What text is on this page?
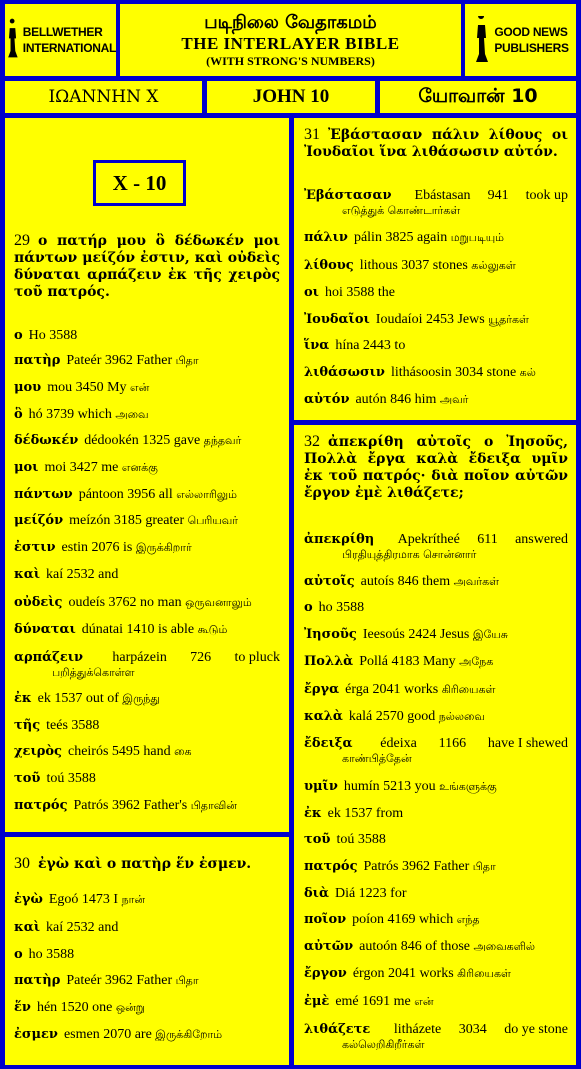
BELLWETHER
INTERNATIONAL
படிநிலை வேதாகமம்
THE INTERLAYER BIBLE
(WITH STRONG'S NUMBERS)
GOOD NEWS
PUBLISHERS
ΙΩΑΝΝΗΝ Χ	JOHN 10	யோவான் 10
X - 10
29 ο πατήρ μου ὃ δέδωκέν μοι πάντων μείζόν ἐστιν, καὶ οὐδεὶς δύναται αρπάζειν ἐκ τῆς χειρὸς τοῦ πατρός.
ο Ho 3588
πατὴρ Pateér 3962 Father பிதா
μου mou 3450 My என்
ὃ hó 3739 which அவை
δέδωκέν dédookén 1325 gave தந்தவர்
μοι moi 3427 me எனக்கு
πάντων pántoon 3956 all எல்லாரிலும்
μείζόν meízón 3185 greater பெரியவர்
ἐστιν estin 2076 is இருக்கிறார்
καὶ kaí 2532 and
οὐδεὶς oudeís 3762 no man ஒருவனாலும்
δύναται dúnatai 1410 is able கூடும்
αρπάζειν harpázein 726 to pluck
பறித்துக்கொள்ள
ἐκ ek 1537 out of இருந்து
τῆς teés 3588
χειρὸς cheirós 5495 hand கை
τοῦ toú 3588
πατρός Patrós 3962 Father's பிதாவின்
30 ἐγὼ καὶ ο πατὴρ ἕν ἐσμεν.
ἐγὼ Egoó 1473 I நான்
καὶ kaí 2532 and
ο ho 3588
πατὴρ Pateér 3962 Father பிதா
ἕν hén 1520 one ஒன்று
ἐσμεν esmen 2070 are இருக்கிறோம்
31 Ἐβάστασαν πάλιν λίθους οι Ἰουδαῖοι ἵνα λιθάσωσιν αὐτόν.
Ἐβάστασαν Ebástasan 941 took up
எடுத்துக் கொண்டார்கள்
πάλιν pálin 3825 again மறுபடியும்
λίθους lithous 3037 stones கல்லுகள்
οι hoi 3588 the
Ἰουδαῖοι Ioudaíoi 2453 Jews யூதர்கள்
ἵνα hína 2443 to
λιθάσωσιν lithásoosin 3034 stone கல்
αὐτόν autón 846 him அவர்
32 ἀπεκρίθη αὐτοῖς ο Ἰησοῦς, Πολλὰ ἔργα καλὰ ἔδειξα υμῖν ἐκ τοῦ πατρός· διὰ ποῖον αὐτῶν ἔργον ἐμὲ λιθάζετε;
ἀπεκρίθη Apekrítheé 611 answered
பிரதியுத்திரமாக சொன்னார்
αὐτοῖς autoís 846 them அவர்கள்
ο ho 3588
Ἰησοῦς Ieesoús 2424 Jesus இயேசு
Πολλὰ Pollá 4183 Many அநேக
ἔργα érga 2041 works கிரியைகள்
καλὰ kalá 2570 good நல்லவை
ἔδειξα édeixa 1166 have I shewed
காண்பித்தேன்
υμῖν humín 5213 you உங்களுக்கு
ἐκ ek 1537 from
τοῦ toú 3588
πατρός Patrós 3962 Father பிதா
διὰ Diá 1223 for
ποῖον poíon 4169 which எந்த
αὐτῶν autoón 846 of those அவைகளில்
ἔργον érgon 2041 works கிரியைகள்
ἐμὲ emé 1691 me என்
λιθάζετε litházete 3034 do ye stone
கல்லெறிகிறீர்கள்
